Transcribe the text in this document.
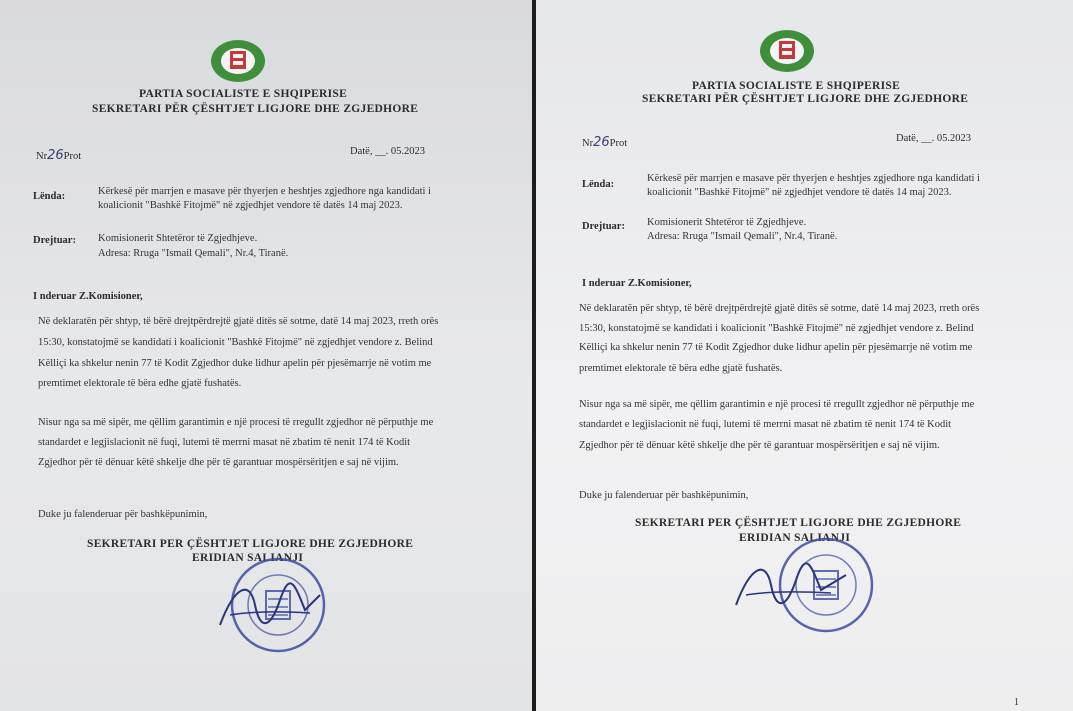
PARTIA SOCIALISTE E SHQIPERISE
SEKRETARI PËR ÇËSHTJET LIGJORE DHE ZGJEDHORE
Nr26Prot	Datë, __. 05.2023
Lënda:	Kërkesë për marrjen e masave për thyerjen e heshtjes zgjedhore nga kandidati i
koalicionit "Bashkë Fitojmë" në zgjedhjet vendore të datës 14 maj 2023.
Drejtuar: Komisionerit Shtetëror të Zgjedhjeve.
Adresa: Rruga "Ismail Qemali", Nr.4, Tiranë.
I nderuar Z.Komisioner,
Në deklaratën për shtyp, të bërë drejtpërdrejtë gjatë ditës së sotme, datë 14 maj 2023, rreth orës
15:30, konstatojmë se kandidati i koalicionit "Bashkë Fitojmë" në zgjedhjet vendore z. Belind
Këlliçi ka shkelur nenin 77 të Kodit Zgjedhor duke lidhur apelin për pjesëmarrje në votim me
premtimet elektorale të bëra edhe gjatë fushatës.
Nisur nga sa më sipër, me qëllim garantimin e një procesi të rregullt zgjedhor në përputhje me
standardet e legjislacionit në fuqi, lutemi të merrni masat në zbatim të nenit 174 të Kodit
Zgjedhor për të dënuar këtë shkelje dhe për të garantuar mospërsëritjen e saj në vijim.
Duke ju falenderuar për bashkëpunimin,
SEKRETARI PER ÇËSHTJET LIGJORE DHE ZGJEDHORE
ERIDIAN SALIANJI
PARTIA SOCIALISTE E SHQIPERISE
SEKRETARI PËR ÇËSHTJET LIGJORE DHE ZGJEDHORE
Nr26Prot	Datë, __. 05.2023
Lënda:
Kërkesë për marrjen e masave për thyerjen e heshtjes zgjedhore nga kandidati i
koalicionit "Bashkë Fitojmë" në zgjedhjet vendore të datës 14 maj 2023.
Drejtuar: Komisionerit Shtetëror të Zgjedhjeve.
Adresa: Rruga "Ismail Qemali", Nr.4, Tiranë.
I nderuar Z.Komisioner,
Në deklaratën për shtyp, të bërë drejtpërdrejtë gjatë ditës së sotme, datë 14 maj 2023, rreth orës
15:30, konstatojmë se kandidati i koalicionit "Bashkë Fitojmë" në zgjedhjet vendore z. Belind
Këlliçi ka shkelur nenin 77 të Kodit Zgjedhor duke lidhur apelin për pjesëmarrje në votim me
premtimet elektorale të bëra edhe gjatë fushatës.
Nisur nga sa më sipër, me qëllim garantimin e një procesi të rregullt zgjedhor në përputhje me
standardet e legjislacionit në fuqi, lutemi të merrni masat në zbatim të nenit 174 të Kodit
Zgjedhor për të dënuar këtë shkelje dhe për të garantuar mospërsëritjen e saj në vijim.
Duke ju falenderuar për bashkëpunimin,
SEKRETARI PER ÇËSHTJET LIGJORE DHE ZGJEDHORE
ERIDIAN SALIANJI
1
